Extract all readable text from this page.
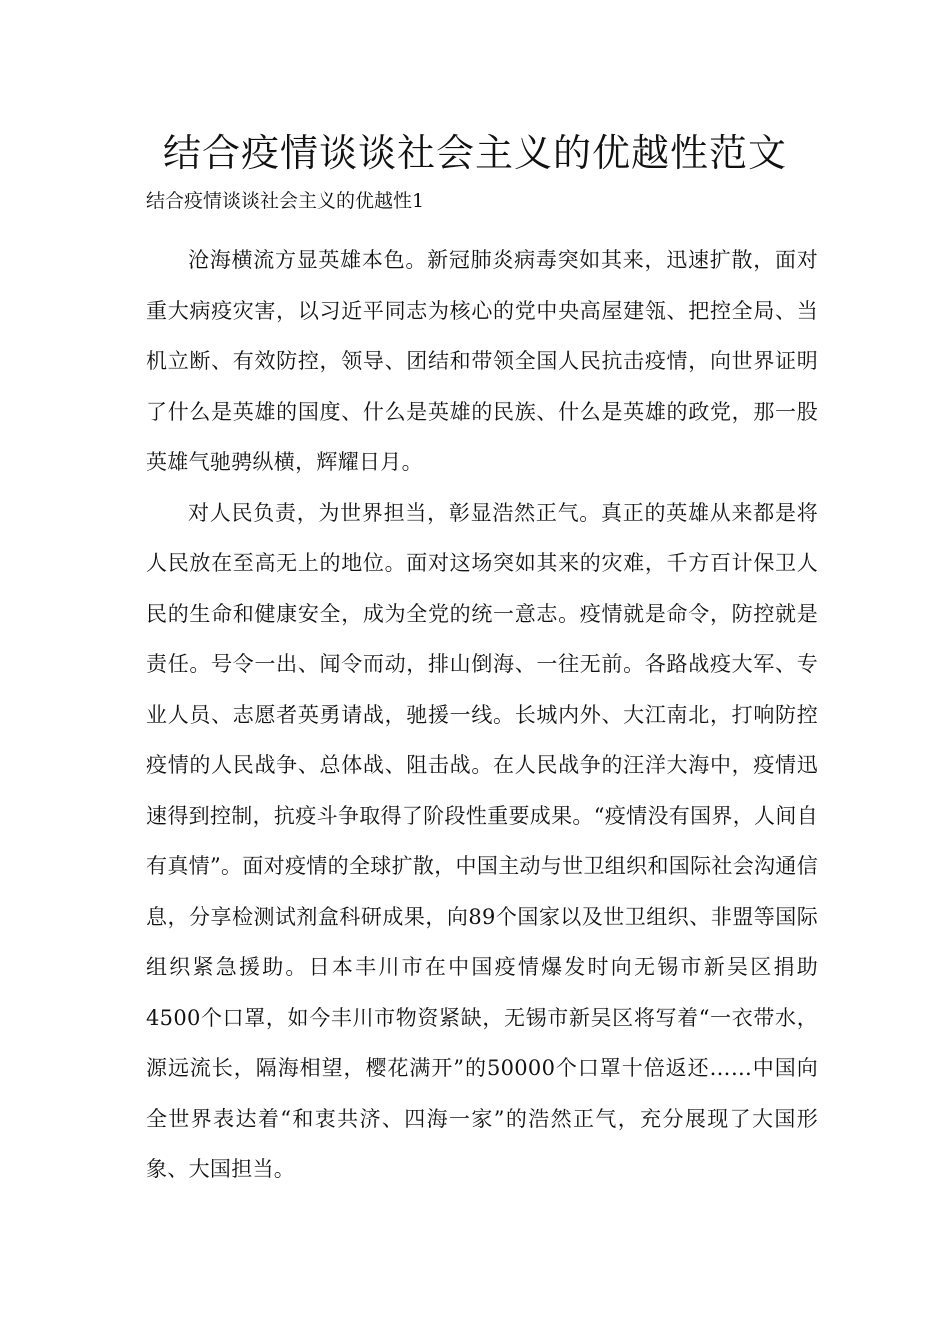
结合疫情谈谈社会主义的优越性范文

结合疫情谈谈社会主义的优越性1

沧海横流方显英雄本色。新冠肺炎病毒突如其来，迅速扩散，面对重大病疫灾害，以习近平同志为核心的党中央高屋建瓴、把控全局、当机立断、有效防控，领导、团结和带领全国人民抗击疫情，向世界证明了什么是英雄的国度、什么是英雄的民族、什么是英雄的政党，那一股英雄气驰骋纵横，辉耀日月。

对人民负责，为世界担当，彰显浩然正气。真正的英雄从来都是将人民放在至高无上的地位。面对这场突如其来的灾难，千方百计保卫人民的生命和健康安全，成为全党的统一意志。疫情就是命令，防控就是责任。号令一出、闻令而动，排山倒海、一往无前。各路战疫大军、专业人员、志愿者英勇请战，驰援一线。长城内外、大江南北，打响防控疫情的人民战争、总体战、阻击战。在人民战争的汪洋大海中，疫情迅速得到控制，抗疫斗争取得了阶段性重要成果。“疫情没有国界，人间自有真情”。面对疫情的全球扩散，中国主动与世卫组织和国际社会沟通信息，分享检测试剂盒科研成果，向89个国家以及世卫组织、非盟等国际组织紧急援助。日本丰川市在中国疫情爆发时向无锡市新吴区捐助4500个口罩，如今丰川市物资紧缺，无锡市新吴区将写着“一衣带水，源远流长，隔海相望，樱花满开”的50000个口罩十倍返还……中国向全世界表达着“和衷共济、四海一家”的浩然正气，充分展现了大国形象、大国担当。
